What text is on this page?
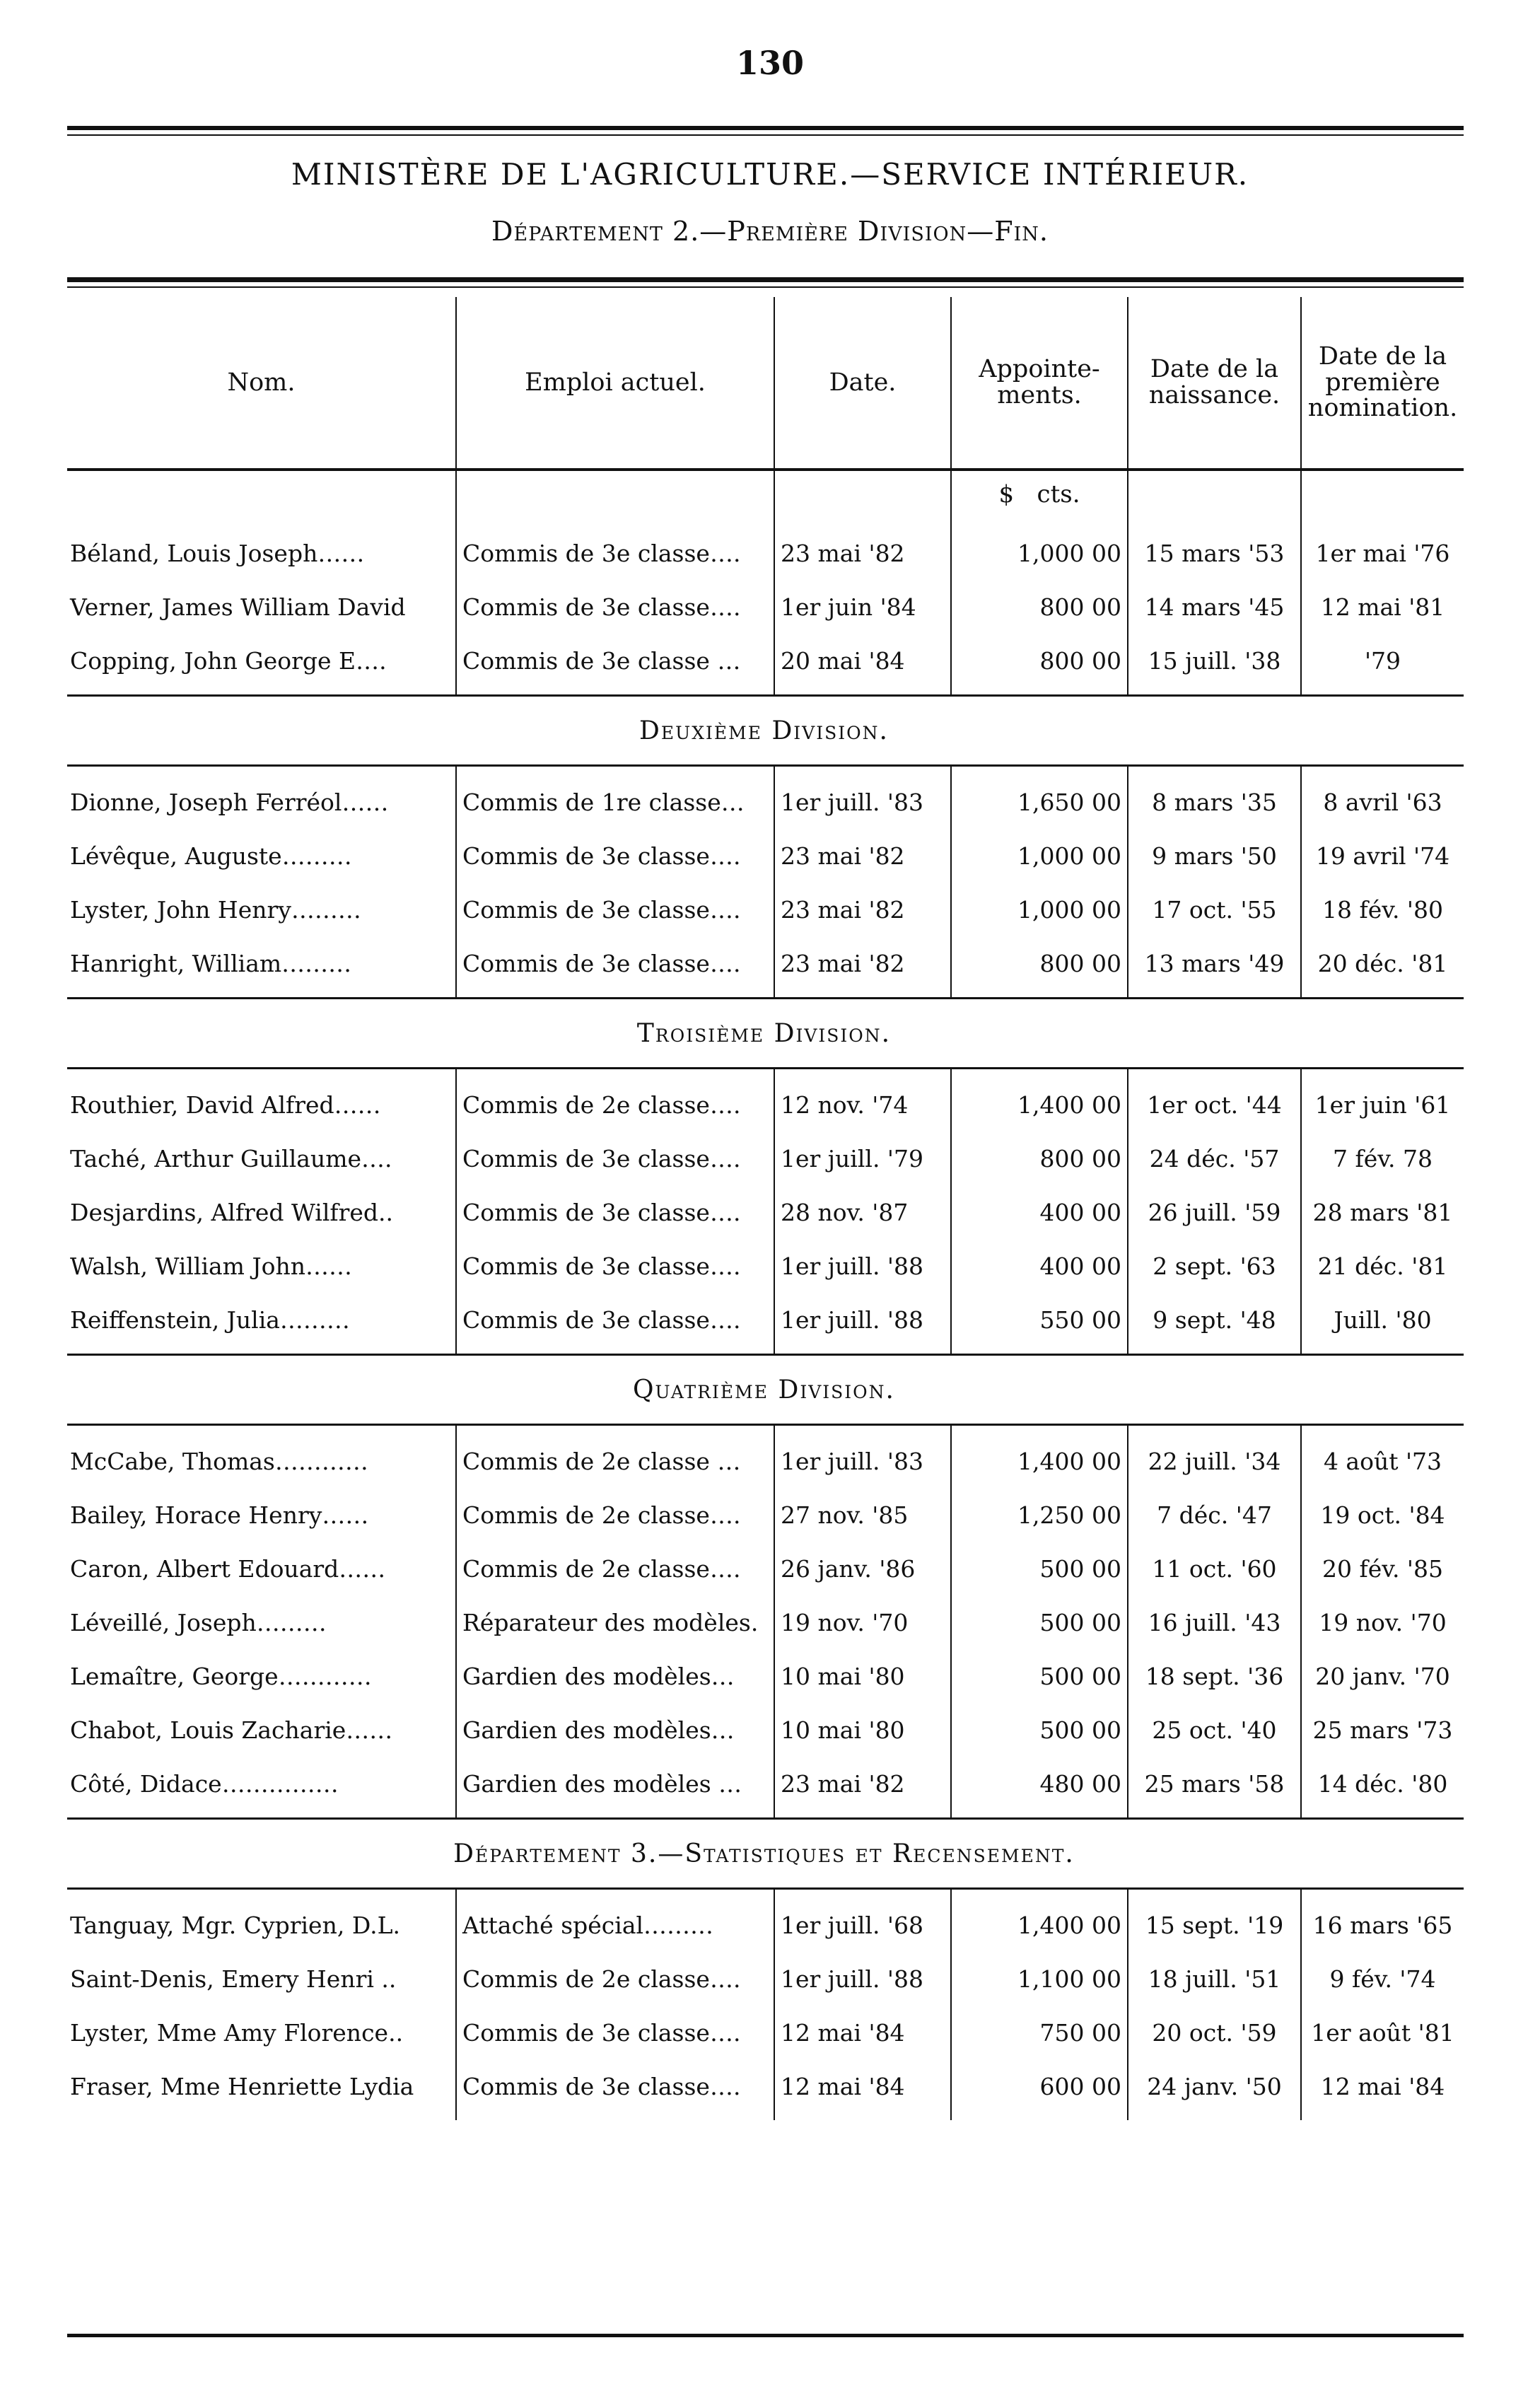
130
MINISTÈRE DE L'AGRICULTURE.—SERVICE INTÉRIEUR.
Département 2.—Première Division—Fin.
Nom.	Emploi actuel.	Date.	Appointe-ments.	Date de la naissance.	Date de la première nomination.
			$ cts.		
Béland, Louis Joseph……	Commis de 3e classe….	23 mai '82	1,000 00	15 mars '53	1er mai '76
Verner, James William David	Commis de 3e classe….	1er juin '84	800 00	14 mars '45	12 mai '81
Copping, John George E….	Commis de 3e classe …	20 mai '84	800 00	15 juill. '38	'79
Deuxième Division.					
Dionne, Joseph Ferréol……	Commis de 1re classe…	1er juill. '83	1,650 00	8 mars '35	8 avril '63
Lévêque, Auguste………	Commis de 3e classe….	23 mai '82	1,000 00	9 mars '50	19 avril '74
Lyster, John Henry………	Commis de 3e classe….	23 mai '82	1,000 00	17 oct. '55	18 fév. '80
Hanright, William………	Commis de 3e classe….	23 mai '82	800 00	13 mars '49	20 déc. '81
Troisième Division.					
Routhier, David Alfred……	Commis de 2e classe….	12 nov. '74	1,400 00	1er oct. '44	1er juin '61
Taché, Arthur Guillaume….	Commis de 3e classe….	1er juill. '79	800 00	24 déc. '57	7 fév. 78
Desjardins, Alfred Wilfred..	Commis de 3e classe….	28 nov. '87	400 00	26 juill. '59	28 mars '81
Walsh, William John……	Commis de 3e classe….	1er juill. '88	400 00	2 sept. '63	21 déc. '81
Reiffenstein, Julia………	Commis de 3e classe….	1er juill. '88	550 00	9 sept. '48	Juill. '80
Quatrième Division.					
McCabe, Thomas…………	Commis de 2e classe …	1er juill. '83	1,400 00	22 juill. '34	4 août '73
Bailey, Horace Henry……	Commis de 2e classe….	27 nov. '85	1,250 00	7 déc. '47	19 oct. '84
Caron, Albert Edouard……	Commis de 2e classe….	26 janv. '86	500 00	11 oct. '60	20 fév. '85
Léveillé, Joseph………	Réparateur des modèles.	19 nov. '70	500 00	16 juill. '43	19 nov. '70
Lemaître, George…………	Gardien des modèles…	10 mai '80	500 00	18 sept. '36	20 janv. '70
Chabot, Louis Zacharie……	Gardien des modèles…	10 mai '80	500 00	25 oct. '40	25 mars '73
Côté, Didace……………	Gardien des modèles …	23 mai '82	480 00	25 mars '58	14 déc. '80
Département 3.—Statistiques et Recensement.					
Tanguay, Mgr. Cyprien, D.L.	Attaché spécial………	1er juill. '68	1,400 00	15 sept. '19	16 mars '65
Saint-Denis, Emery Henri ..	Commis de 2e classe….	1er juill. '88	1,100 00	18 juill. '51	9 fév. '74
Lyster, Mme Amy Florence..	Commis de 3e classe….	12 mai '84	750 00	20 oct. '59	1er août '81
Fraser, Mme Henriette Lydia	Commis de 3e classe….	12 mai '84	600 00	24 janv. '50	12 mai '84
